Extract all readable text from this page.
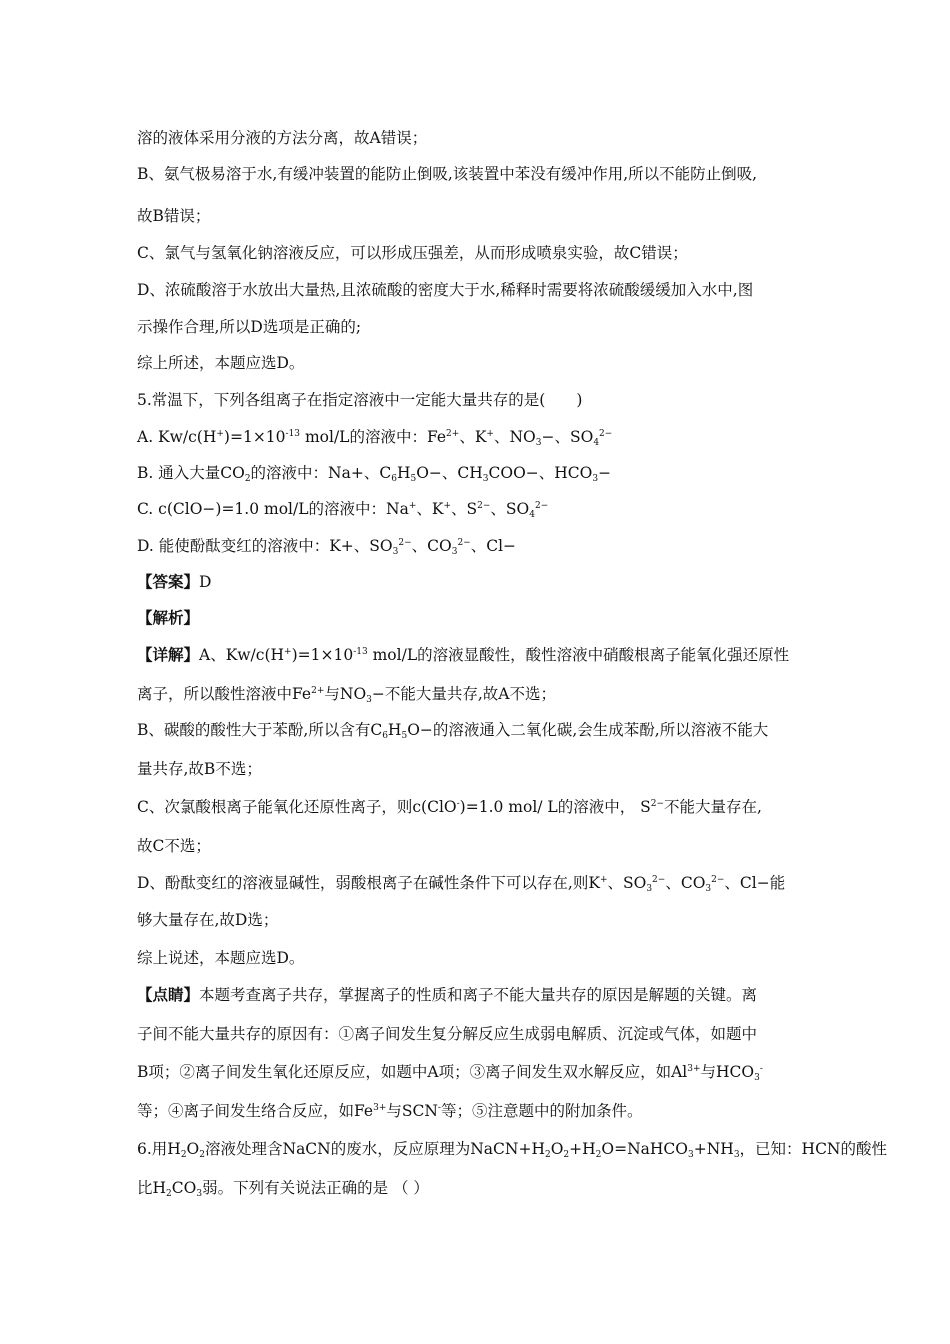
溶的液体采用分液的方法分离，故A错误；
B、氨气极易溶于水,有缓冲装置的能防止倒吸,该装置中苯没有缓冲作用,所以不能防止倒吸,
故B错误；
C、氯气与氢氧化钠溶液反应，可以形成压强差，从而形成喷泉实验，故C错误；
D、浓硫酸溶于水放出大量热,且浓硫酸的密度大于水,稀释时需要将浓硫酸缓缓加入水中,图
示操作合理,所以D选项是正确的;
综上所述，本题应选D。
5.常温下，下列各组离子在指定溶液中一定能大量共存的是(　　)
A. $Kw/c(H^+)=1\times 10^{-13}$ mol/L的溶液中：$Fe^{2+}$、K+、$NO_3-$、$SO_4^{2-}$
B. 通入大量$CO_2$的溶液中：Na+、$C_6H_5O-$、$CH_3COO-$、$HCO_3-$
C. c(ClO−)=1.0 mol/L的溶液中：Na+、K+、$S^{2-}$、$SO_4^{2-}$
D. 能使酚酞变红的溶液中：K+、$SO_3^{2-}$、$CO_3^{2-}$、Cl−
【答案】D
【解析】
【详解】A、$Kw/c(H^+)=1\times 10^{-13}$ mol/L的溶液显酸性，酸性溶液中硝酸根离子能氧化强还原性
离子，所以酸性溶液中$Fe^{2+}$与$NO_3-$不能大量共存,故A不选；
B、碳酸的酸性大于苯酚,所以含有$C_6H_5O-$的溶液通入二氧化碳,会生成苯酚,所以溶液不能大
量共存,故B不选；
C、次氯酸根离子能氧化还原性离子，则c(ClO-)=1.0 mol/ L的溶液中， $S^{2-}$不能大量存在,
故C不选；
D、酚酞变红的溶液显碱性，弱酸根离子在碱性条件下可以存在,则K+、$SO_3^{2-}$、$CO_3^{2-}$、Cl−能
够大量存在,故D选；
综上说述，本题应选D。
【点睛】本题考查离子共存，掌握离子的性质和离子不能大量共存的原因是解题的关键。离
子间不能大量共存的原因有：①离子间发生复分解反应生成弱电解质、沉淀或气体，如题中
B项；②离子间发生氧化还原反应，如题中A项；③离子间发生双水解反应，如$Al^{3+}$与$HCO_3^-$
等；④离子间发生络合反应，如$Fe^{3+}$与SCN-等；⑤注意题中的附加条件。
6.用$H_2O_2$溶液处理含NaCN的废水，反应原理为$NaCN+H_2O_2+H_2O=NaHCO_3+NH_3$，已知：HCN的酸性
比$H_2CO_3$弱。下列有关说法正确的是 （ ）
